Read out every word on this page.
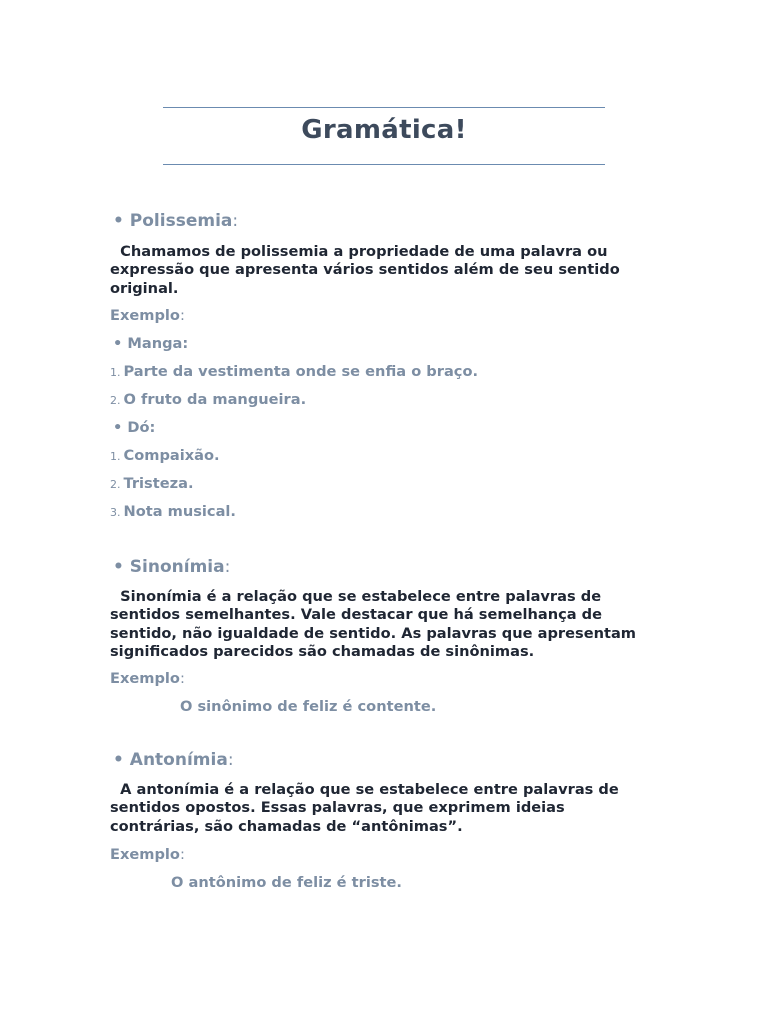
Gramática!
• Polissemia:
Chamamos de polissemia a propriedade de uma palavra ou
expressão que apresenta vários sentidos além de seu sentido
original.
Exemplo:
• Manga:
1. Parte da vestimenta onde se enfia o braço.
2. O fruto da mangueira.
• Dó:
1. Compaixão.
2. Tristeza.
3. Nota musical.
• Sinonímia:
Sinonímia é a relação que se estabelece entre palavras de
sentidos semelhantes. Vale destacar que há semelhança de
sentido, não igualdade de sentido. As palavras que apresentam
significados parecidos são chamadas de sinônimas.
Exemplo:
O sinônimo de feliz é contente.
• Antonímia:
A antonímia é a relação que se estabelece entre palavras de
sentidos opostos. Essas palavras, que exprimem ideias
contrárias, são chamadas de “antônimas”.
Exemplo:
O antônimo de feliz é triste.
